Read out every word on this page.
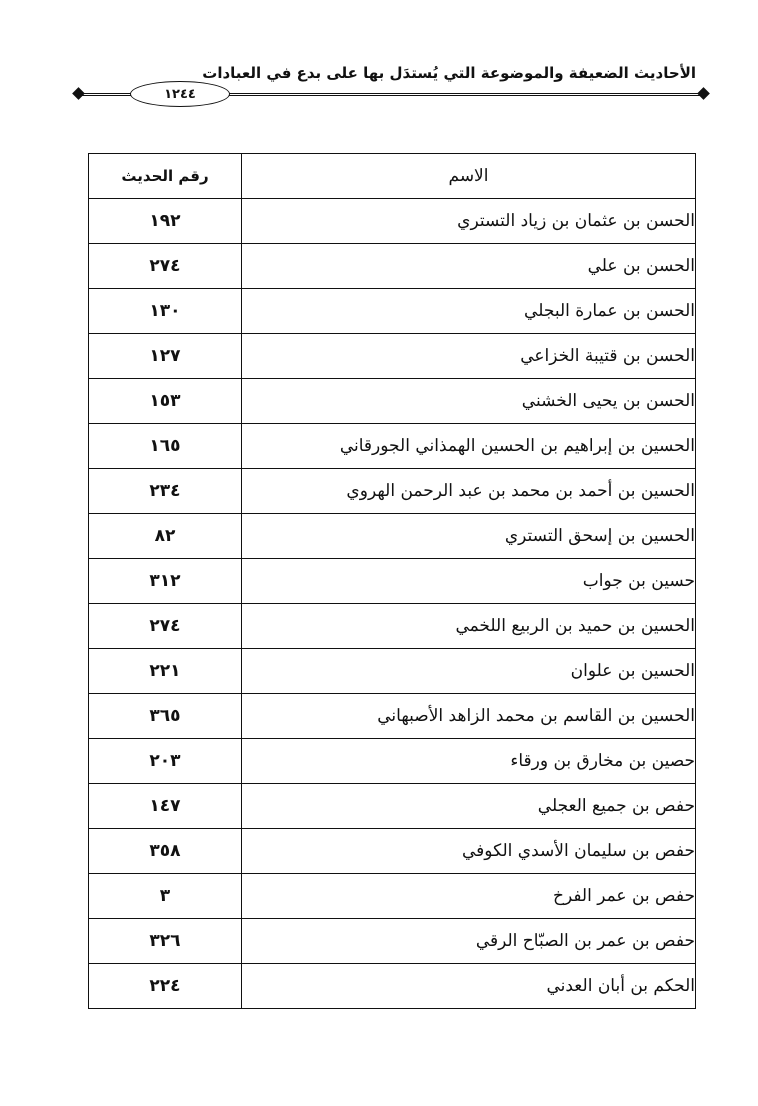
الأحاديث الضعيفة والموضوعة التي يُستدَل بها على بدع في العبادات
١٢٤٤
رقم الحديث	الاسم
١٩٢	الحسن بن عثمان بن زياد التستري
٢٧٤	الحسن بن علي
١٣٠	الحسن بن عمارة البجلي
١٢٧	الحسن بن قتيبة الخزاعي
١٥٣	الحسن بن يحيى الخشني
١٦٥	الحسين بن إبراهيم بن الحسين الهمذاني الجورقاني
٢٣٤	الحسين بن أحمد بن محمد بن عبد الرحمن الهروي
٨٢	الحسين بن إسحق التستري
٣١٢	حسين بن جواب
٢٧٤	الحسين بن حميد بن الربيع اللخمي
٢٢١	الحسين بن علوان
٣٦٥	الحسين بن القاسم بن محمد الزاهد الأصبهاني
٢٠٣	حصين بن مخارق بن ورقاء
١٤٧	حفص بن جميع العجلي
٣٥٨	حفص بن سليمان الأسدي الكوفي
٣	حفص بن عمر الفرخ
٣٢٦	حفص بن عمر بن الصبّاح الرقي
٢٢٤	الحكم بن أبان العدني
